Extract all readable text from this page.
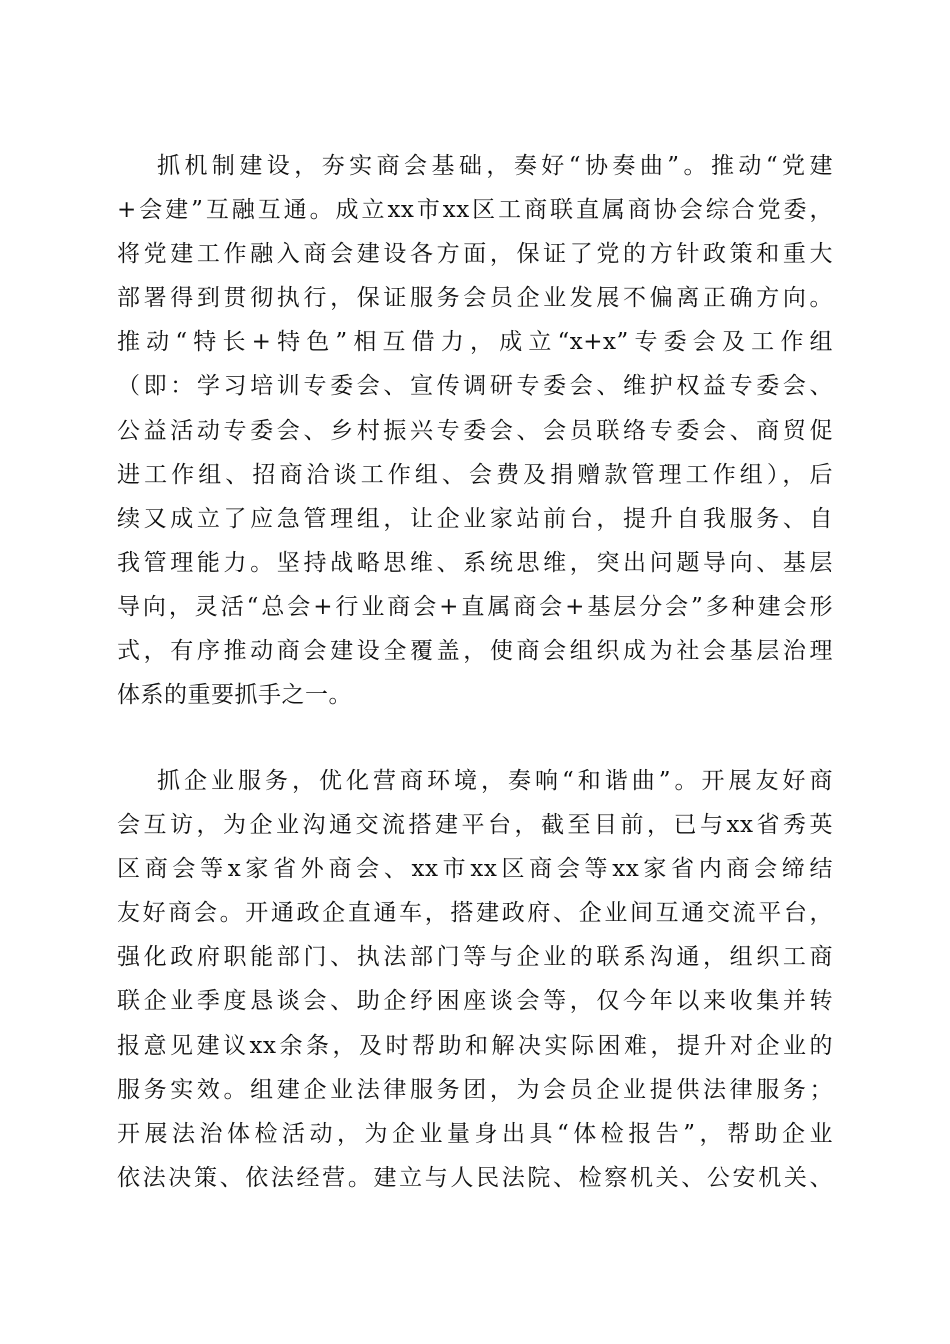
抓机制建设，夯实商会基础，奏好“协奏曲”。推动“党建
+会建”互融互通。成立xx市xx区工商联直属商协会综合党委，
将党建工作融入商会建设各方面，保证了党的方针政策和重大
部署得到贯彻执行，保证服务会员企业发展不偏离正确方向。
推动“特长+特色”相互借力，成立“x+x”专委会及工作组
（即：学习培训专委会、宣传调研专委会、维护权益专委会、
公益活动专委会、乡村振兴专委会、会员联络专委会、商贸促
进工作组、招商洽谈工作组、会费及捐赠款管理工作组），后
续又成立了应急管理组，让企业家站前台，提升自我服务、自
我管理能力。坚持战略思维、系统思维，突出问题导向、基层
导向，灵活“总会+行业商会+直属商会+基层分会”多种建会形
式，有序推动商会建设全覆盖，使商会组织成为社会基层治理
体系的重要抓手之一。
抓企业服务，优化营商环境，奏响“和谐曲”。开展友好商
会互访，为企业沟通交流搭建平台，截至目前，已与xx省秀英
区商会等x家省外商会、xx市xx区商会等xx家省内商会缔结
友好商会。开通政企直通车，搭建政府、企业间互通交流平台，
强化政府职能部门、执法部门等与企业的联系沟通，组织工商
联企业季度恳谈会、助企纾困座谈会等，仅今年以来收集并转
报意见建议xx余条，及时帮助和解决实际困难，提升对企业的
服务实效。组建企业法律服务团，为会员企业提供法律服务；
开展法治体检活动，为企业量身出具“体检报告”，帮助企业
依法决策、依法经营。建立与人民法院、检察机关、公安机关、
